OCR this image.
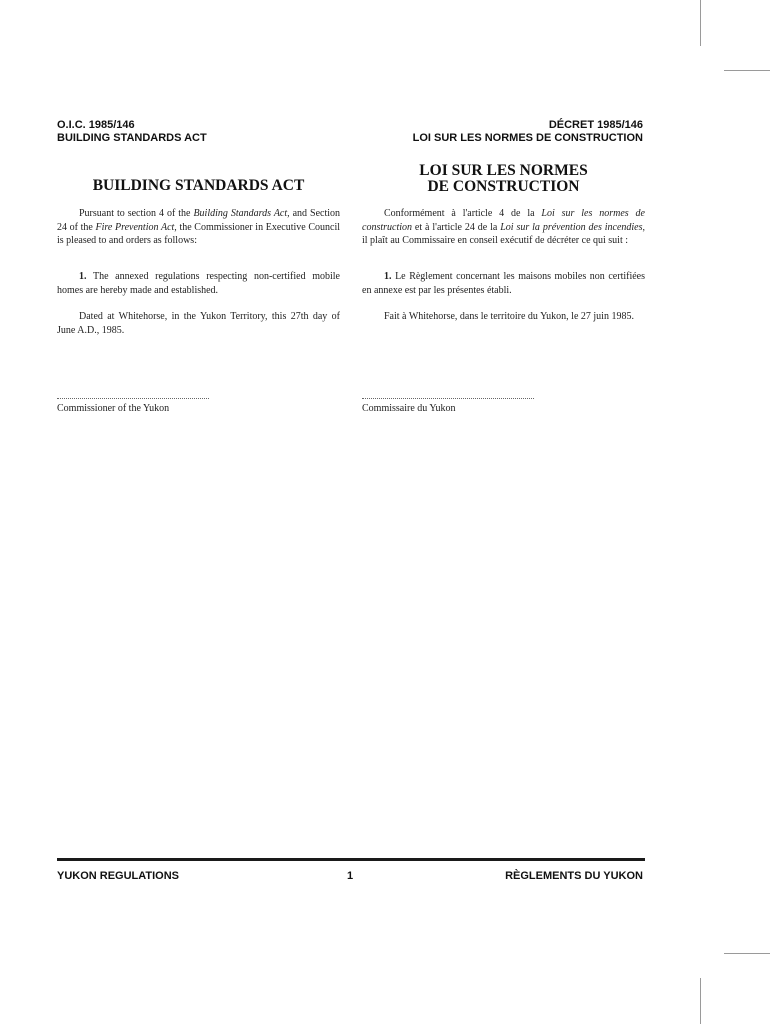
O.I.C. 1985/146
BUILDING STANDARDS ACT
DÉCRET 1985/146
LOI SUR LES NORMES DE CONSTRUCTION
BUILDING STANDARDS ACT
LOI SUR LES NORMES
DE CONSTRUCTION

Pursuant to section 4 of the Building Standards Act, and Section 24 of the Fire Prevention Act, the Commissioner in Executive Council is pleased to and orders as follows:

1. The annexed regulations respecting non-certified mobile homes are hereby made and established.

Dated at Whitehorse, in the Yukon Territory, this 27th day of June A.D., 1985.

Conformément à l'article 4 de la Loi sur les normes de construction et à l'article 24 de la Loi sur la prévention des incendies, il plaît au Commissaire en conseil exécutif de décréter ce qui suit :

1. Le Règlement concernant les maisons mobiles non certifiées en annexe est par les présentes établi.

Fait à Whitehorse, dans le territoire du Yukon, le 27 juin 1985.

Commissioner of the Yukon	Commissaire du Yukon
YUKON REGULATIONS	1	RÈGLEMENTS DU YUKON
